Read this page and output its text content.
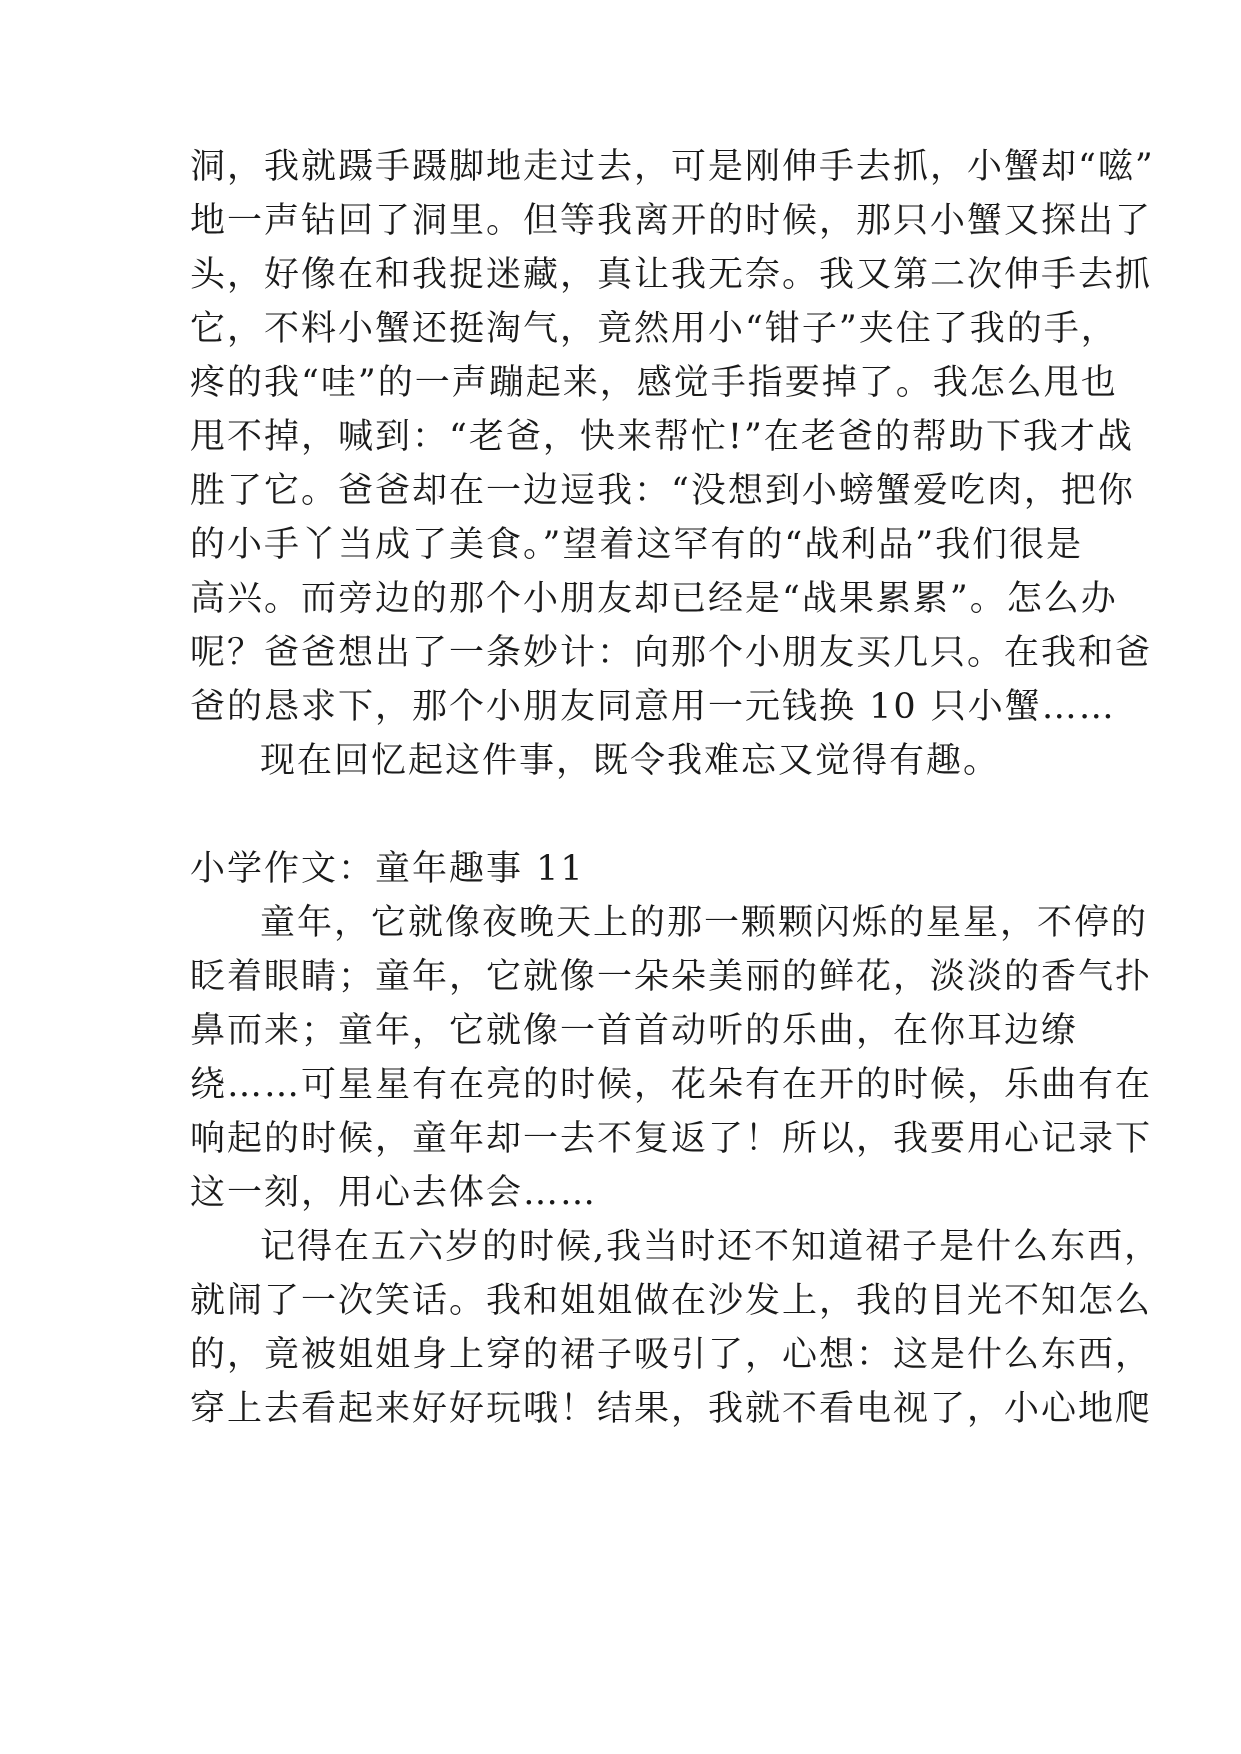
洞，我就蹑手蹑脚地走过去，可是刚伸手去抓，小蟹却“嗞”
地一声钻回了洞里。但等我离开的时候，那只小蟹又探出了
头，好像在和我捉迷藏，真让我无奈。我又第二次伸手去抓
它，不料小蟹还挺淘气，竟然用小“钳子”夹住了我的手，
疼的我“哇”的一声蹦起来，感觉手指要掉了。我怎么甩也
甩不掉，喊到：“老爸，快来帮忙!”在老爸的帮助下我才战
胜了它。爸爸却在一边逗我：“没想到小螃蟹爱吃肉，把你
的小手丫当成了美食。”望着这罕有的“战利品”我们很是
高兴。而旁边的那个小朋友却已经是“战果累累”。怎么办
呢？爸爸想出了一条妙计：向那个小朋友买几只。在我和爸
爸的恳求下，那个小朋友同意用一元钱换 10 只小蟹……
现在回忆起这件事，既令我难忘又觉得有趣。
小学作文：童年趣事 11
童年，它就像夜晚天上的那一颗颗闪烁的星星，不停的
眨着眼睛；童年，它就像一朵朵美丽的鲜花，淡淡的香气扑
鼻而来；童年，它就像一首首动听的乐曲，在你耳边缭
绕……可星星有在亮的时候，花朵有在开的时候，乐曲有在
响起的时候，童年却一去不复返了！所以，我要用心记录下
这一刻，用心去体会……
记得在五六岁的时候,我当时还不知道裙子是什么东西，
就闹了一次笑话。我和姐姐做在沙发上，我的目光不知怎么
的，竟被姐姐身上穿的裙子吸引了，心想：这是什么东西，
穿上去看起来好好玩哦！结果，我就不看电视了，小心地爬
